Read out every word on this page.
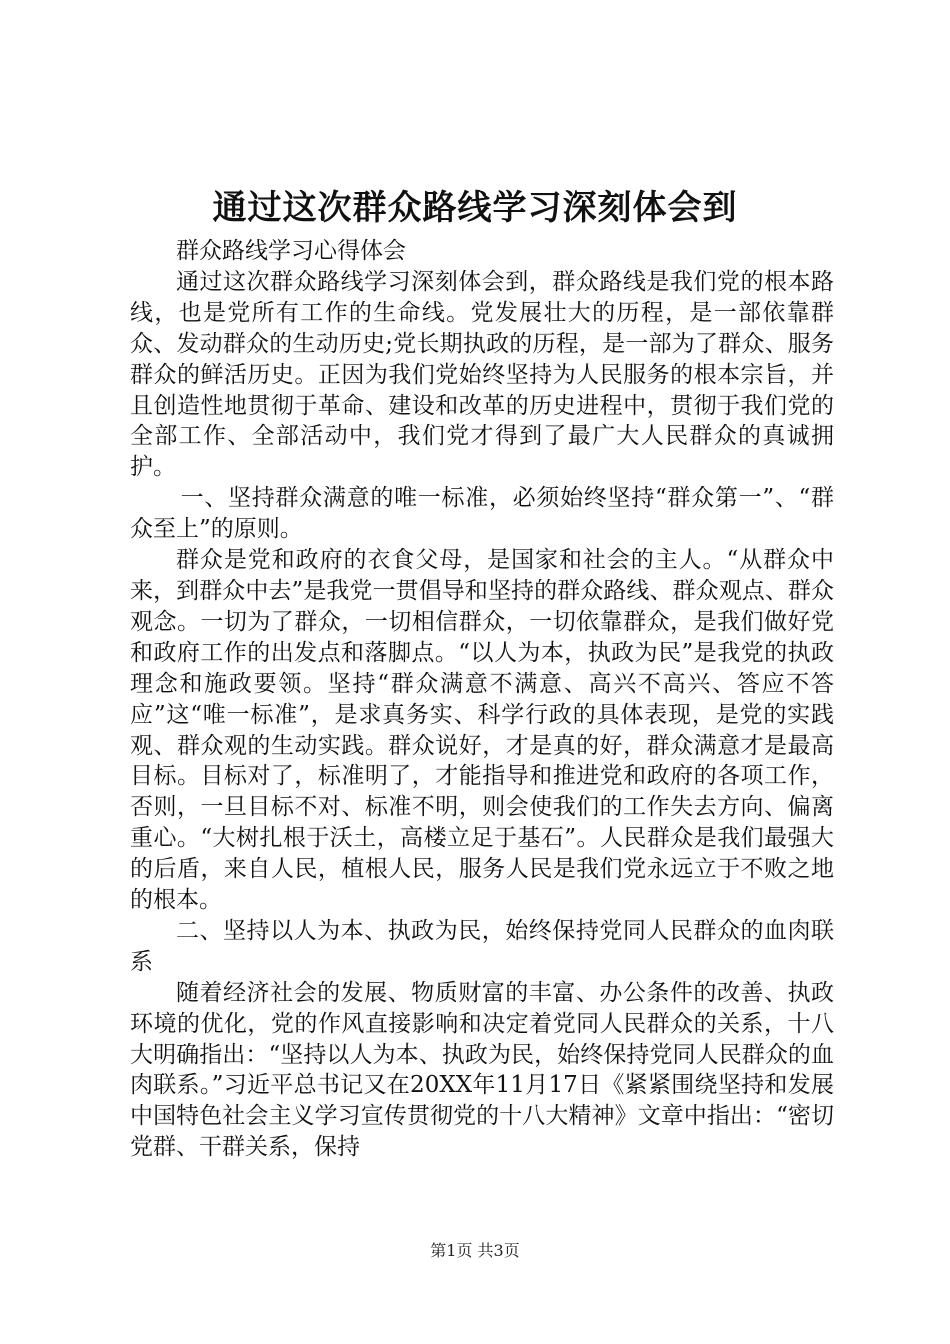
通过这次群众路线学习深刻体会到

群众路线学习心得体会

通过这次群众路线学习深刻体会到，群众路线是我们党的根本路线，也是党所有工作的生命线。党发展壮大的历程，是一部依靠群众、发动群众的生动历史;党长期执政的历程，是一部为了群众、服务群众的鲜活历史。正因为我们党始终坚持为人民服务的根本宗旨，并且创造性地贯彻于革命、建设和改革的历史进程中，贯彻于我们党的全部工作、全部活动中，我们党才得到了最广大人民群众的真诚拥护。

一、坚持群众满意的唯一标准，必须始终坚持“群众第一”、“群众至上”的原则。

群众是党和政府的衣食父母，是国家和社会的主人。“从群众中来，到群众中去”是我党一贯倡导和坚持的群众路线、群众观点、群众观念。一切为了群众，一切相信群众，一切依靠群众，是我们做好党和政府工作的出发点和落脚点。“以人为本，执政为民”是我党的执政理念和施政要领。坚持“群众满意不满意、高兴不高兴、答应不答应”这“唯一标准”，是求真务实、科学行政的具体表现，是党的实践观、群众观的生动实践。群众说好，才是真的好，群众满意才是最高目标。目标对了，标准明了，才能指导和推进党和政府的各项工作，否则，一旦目标不对、标准不明，则会使我们的工作失去方向、偏离重心。“大树扎根于沃土，高楼立足于基石”。人民群众是我们最强大的后盾，来自人民，植根人民，服务人民是我们党永远立于不败之地的根本。

二、坚持以人为本、执政为民，始终保持党同人民群众的血肉联系

随着经济社会的发展、物质财富的丰富、办公条件的改善、执政环境的优化，党的作风直接影响和决定着党同人民群众的关系，十八大明确指出：“坚持以人为本、执政为民，始终保持党同人民群众的血肉联系。”习近平总书记又在20XX年11月17日《紧紧围绕坚持和发展中国特色社会主义学习宣传贯彻党的十八大精神》文章中指出：“密切党群、干群关系，保持

第1页 共3页
